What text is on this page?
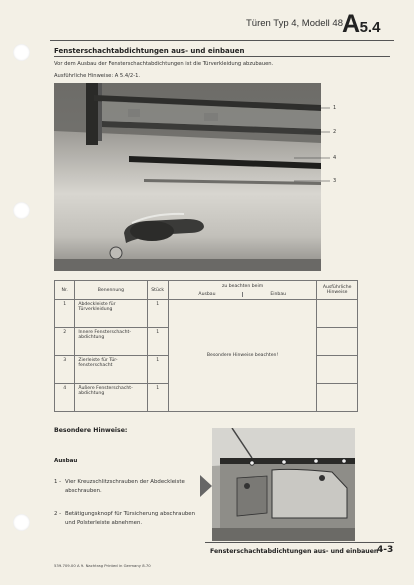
Türen Typ 4, Modell 48 A5.4
Fensterschachtabdichtungen aus- und einbauen
Vor dem Ausbau der Fensterschachtabdichtungen ist die Türverkleidung abzubauen.
Ausführliche Hinweise: A 5.4/2-1.
1
2
4
3
Nr.	Benennung	Stück	zu beachten beim
Ausbau Einbau	Ausführliche Hinweise
1	Abdeckleiste für Türverkleidung	1	Besondere Hinweise beachten!	
2	Innere Fensterschacht-abdichtung	1		
3	Zierleiste für Tür-fensterschacht	1		
4	Äußere Fensterschacht-abdichtung	1		
Besondere Hinweise:
Ausbau
1 - Vier Kreuzschlitzschrauben der Abdeckleiste abschrauben.
2 - Betätigungsknopf für Türsicherung abschrauben und Polsterleiste abnehmen.
Fensterschachtabdichtungen aus- und einbauen
4-3
539.709.00 A 9. Nachtrag Printed in Germany 8.70
